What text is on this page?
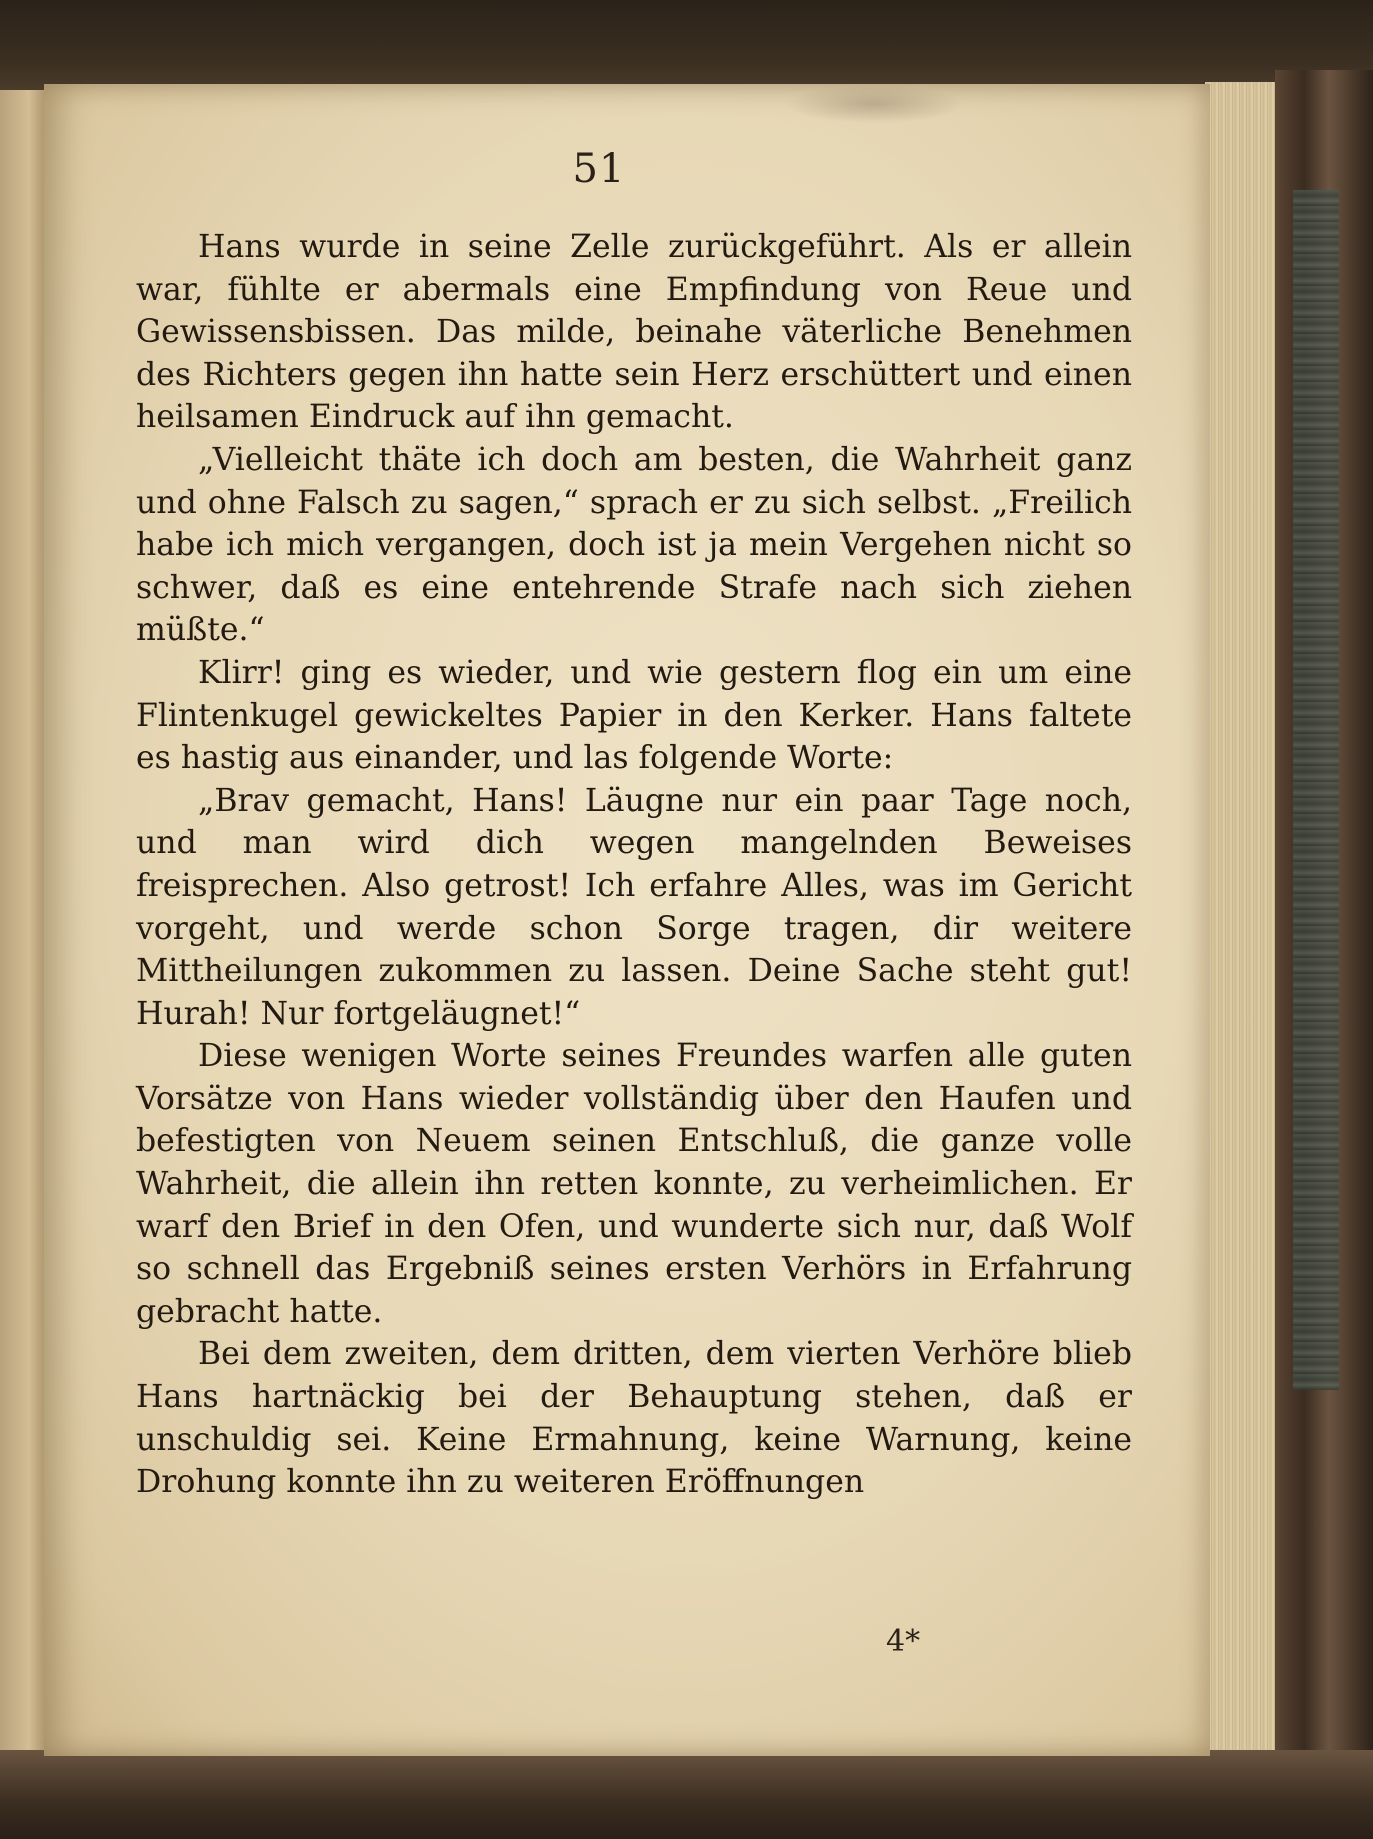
51

Hans wurde in seine Zelle zurückgeführt. Als er allein war, fühlte er abermals eine Empfindung von Reue und Gewissensbissen. Das milde, beinahe väterliche Benehmen des Richters gegen ihn hatte sein Herz erschüttert und einen heilsamen Eindruck auf ihn gemacht.

„Vielleicht thäte ich doch am besten, die Wahrheit ganz und ohne Falsch zu sagen,“ sprach er zu sich selbst. „Freilich habe ich mich vergangen, doch ist ja mein Vergehen nicht so schwer, daß es eine entehrende Strafe nach sich ziehen müßte.“

Klirr! ging es wieder, und wie gestern flog ein um eine Flintenkugel gewickeltes Papier in den Kerker. Hans faltete es hastig aus einander, und las folgende Worte:

„Brav gemacht, Hans! Läugne nur ein paar Tage noch, und man wird dich wegen mangelnden Beweises freisprechen. Also getrost! Ich erfahre Alles, was im Gericht vorgeht, und werde schon Sorge tragen, dir weitere Mittheilungen zukommen zu lassen. Deine Sache steht gut! Hurah! Nur fortgeläugnet!“

Diese wenigen Worte seines Freundes warfen alle guten Vorsätze von Hans wieder vollständig über den Haufen und befestigten von Neuem seinen Entschluß, die ganze volle Wahrheit, die allein ihn retten konnte, zu verheimlichen. Er warf den Brief in den Ofen, und wunderte sich nur, daß Wolf so schnell das Ergebniß seines ersten Verhörs in Erfahrung gebracht hatte.

Bei dem zweiten, dem dritten, dem vierten Verhöre blieb Hans hartnäckig bei der Behauptung stehen, daß er unschuldig sei. Keine Ermahnung, keine Warnung, keine Drohung konnte ihn zu weiteren Eröffnungen

4*
